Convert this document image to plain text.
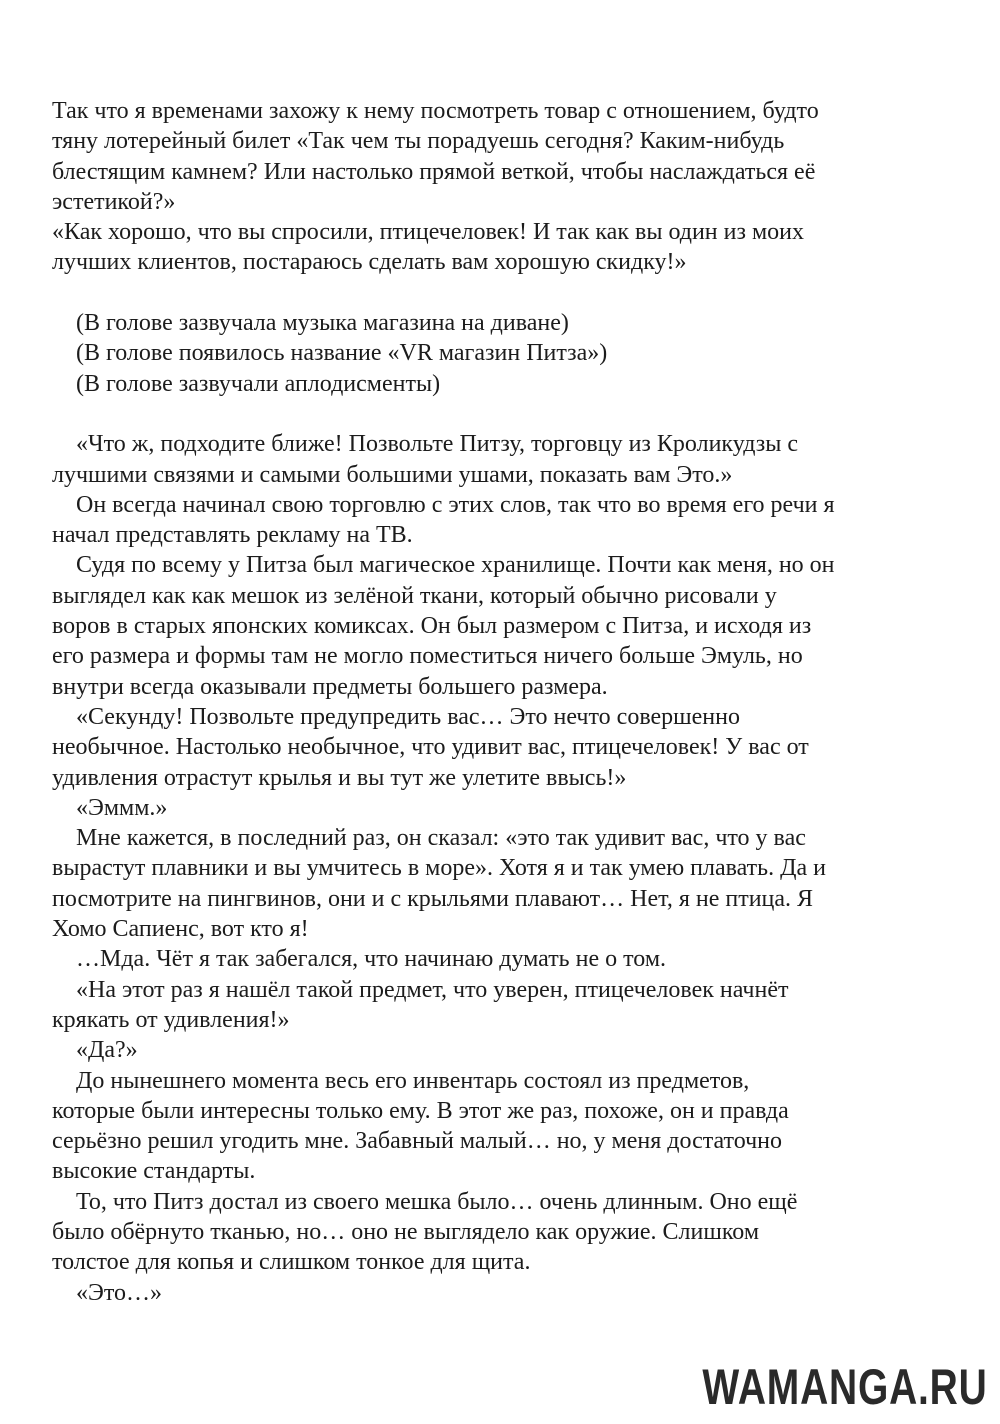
Так что я временами захожу к нему посмотреть товар с отношением, будто

тяну лотерейный билет «Так чем ты порадуешь сегодня? Каким-нибудь

блестящим камнем? Или настолько прямой веткой, чтобы наслаждаться её

эстетикой?»

«Как хорошо, что вы спросили, птицечеловек! И так как вы один из моих

лучших клиентов, постараюсь сделать вам хорошую скидку!»

(В голове зазвучала музыка магазина на диване)

(В голове появилось название «VR магазин Питза»)

(В голове зазвучали аплодисменты)

«Что ж, подходите ближе! Позвольте Питзу, торговцу из Кроликудзы с

лучшими связями и самыми большими ушами, показать вам Это.»

Он всегда начинал свою торговлю с этих слов, так что во время его речи я

начал представлять рекламу на ТВ.

Судя по всему у Питза был магическое хранилище. Почти как меня, но он

выглядел как как мешок из зелёной ткани, который обычно рисовали у

воров в старых японских комиксах. Он был размером с Питза, и исходя из

его размера и формы там не могло поместиться ничего больше Эмуль, но

внутри всегда оказывали предметы большего размера.

«Секунду! Позвольте предупредить вас… Это нечто совершенно

необычное. Настолько необычное, что удивит вас, птицечеловек! У вас от

удивления отрастут крылья и вы тут же улетите ввысь!»

«Эммм.»

Мне кажется, в последний раз, он сказал: «это так удивит вас, что у вас

вырастут плавники и вы умчитесь в море». Хотя я и так умею плавать. Да и

посмотрите на пингвинов, они и с крыльями плавают… Нет, я не птица. Я

Хомо Сапиенс, вот кто я!

…Мда. Чёт я так забегался, что начинаю думать не о том.

«На этот раз я нашёл такой предмет, что уверен, птицечеловек начнёт

крякать от удивления!»

«Да?»

До нынешнего момента весь его инвентарь состоял из предметов,

которые были интересны только ему. В этот же раз, похоже, он и правда

серьёзно решил угодить мне. Забавный малый… но, у меня достаточно

высокие стандарты.

То, что Питз достал из своего мешка было… очень длинным. Оно ещё

было обёрнуто тканью, но… оно не выглядело как оружие. Слишком

толстое для копья и слишком тонкое для щита.

«Это…»

WAMANGA.RU
